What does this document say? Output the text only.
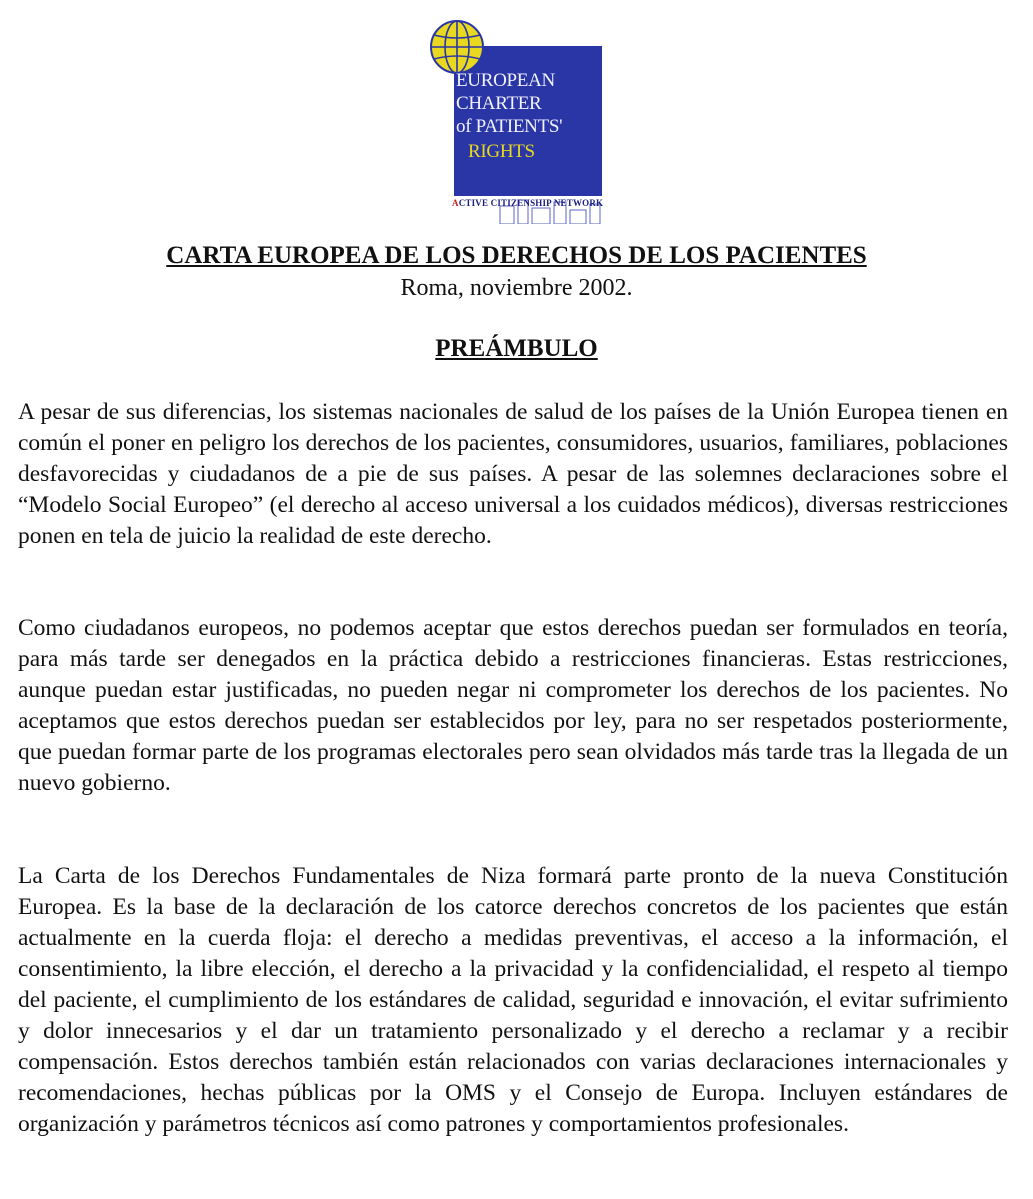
EUROPEAN
CHARTER
of PATIENTS'
RIGHTS
ACTIVE CITIZENSHIP NETWORK
CARTA EUROPEA DE LOS DERECHOS DE LOS PACIENTES
Roma, noviembre 2002.
PREÁMBULO

A pesar de sus diferencias, los sistemas nacionales de salud de los países de la Unión Europea tienen en común el poner en peligro los derechos de los pacientes, consumidores, usuarios, familiares, poblaciones desfavorecidas y ciudadanos de a pie de sus países. A pesar de las solemnes declaraciones sobre el “Modelo Social Europeo” (el derecho al acceso universal a los cuidados médicos), diversas restricciones ponen en tela de juicio la realidad de este derecho.

Como ciudadanos europeos, no podemos aceptar que estos derechos puedan ser formulados en teoría, para más tarde ser denegados en la práctica debido a restricciones financieras. Estas restricciones, aunque puedan estar justificadas, no pueden negar ni comprometer los derechos de los pacientes. No aceptamos que estos derechos puedan ser establecidos por ley, para no ser respetados posteriormente, que puedan formar parte de los programas electorales pero sean olvidados más tarde tras la llegada de un nuevo gobierno.

La Carta de los Derechos Fundamentales de Niza formará parte pronto de la nueva Constitución Europea. Es la base de la declaración de los catorce derechos concretos de los pacientes que están actualmente en la cuerda floja: el derecho a medidas preventivas, el acceso a la información, el consentimiento, la libre elección, el derecho a la privacidad y la confidencialidad, el respeto al tiempo del paciente, el cumplimiento de los estándares de calidad, seguridad e innovación, el evitar sufrimiento y dolor innecesarios y el dar un tratamiento personalizado y el derecho a reclamar y a recibir compensación. Estos derechos también están relacionados con varias declaraciones internacionales y recomendaciones, hechas públicas por la OMS y el Consejo de Europa. Incluyen estándares de organización y parámetros técnicos así como patrones y comportamientos profesionales.
